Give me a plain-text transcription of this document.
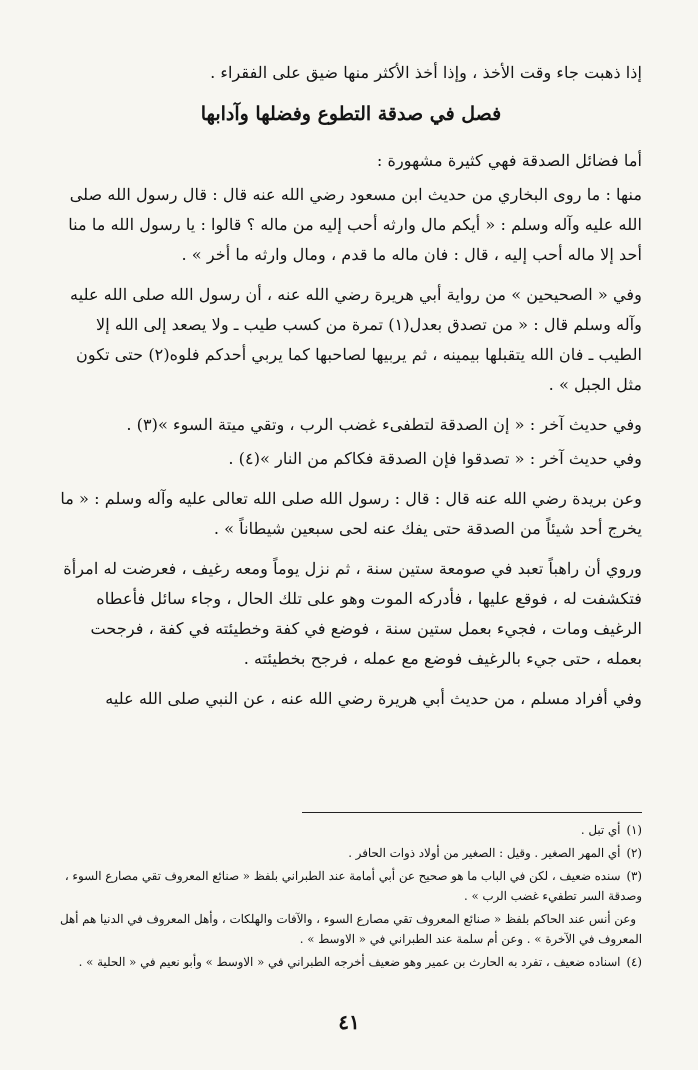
إذا ذهبت جاء وقت الأخذ ، وإذا أخذ الأكثر منها ضيق على الفقراء .

فصل في صدقة التطوع وفضلها وآدابها

أما فضائل الصدقة فهي كثيرة مشهورة :

منها : ما روى البخاري من حديث ابن مسعود رضي الله عنه قال : قال رسول الله صلى الله عليه وآله وسلم : « أيكم مال وارثه أحب إليه من ماله ؟ قالوا : يا رسول الله ما منا أحد إلا ماله أحب إليه ، قال : فان ماله ما قدم ، ومال وارثه ما أخر » .

وفي « الصحيحين » من رواية أبي هريرة رضي الله عنه ، أن رسول الله صلى الله عليه وآله وسلم قال : « من تصدق بعدل(١) تمرة من كسب طيب ـ ولا يصعد إلى الله إلا الطيب ـ فان الله يتقبلها بيمينه ، ثم يربيها لصاحبها كما يربي أحدكم فلوه(٢) حتى تكون مثل الجبل » .

وفي حديث آخر : « إن الصدقة لتطفىء غضب الرب ، وتقي ميتة السوء »(٣) .

وفي حديث آخر : « تصدقوا فإن الصدقة فكاكم من النار »(٤) .

وعن بريدة رضي الله عنه قال : قال : رسول الله صلى الله تعالى عليه وآله وسلم : « ما يخرج أحد شيئاً من الصدقة حتى يفك عنه لحى سبعين شيطاناً » .

وروي أن راهباً تعبد في صومعة ستين سنة ، ثم نزل يوماً ومعه رغيف ، فعرضت له امرأة فتكشفت له ، فوقع عليها ، فأدركه الموت وهو على تلك الحال ، وجاء سائل فأعطاه الرغيف ومات ، فجيء بعمل ستين سنة ، فوضع في كفة وخطيئته في كفة ، فرجحت بعمله ، حتى جيء بالرغيف فوضع مع عمله ، فرجح بخطيئته .

وفي أفراد مسلم ، من حديث أبي هريرة رضي الله عنه ، عن النبي صلى الله عليه

(١)أي تبل .

(٢)أي المهر الصغير . وقيل : الصغير من أولاد ذوات الحافر .

(٣)سنده ضعيف ، لكن في الباب ما هو صحيح عن أبي أمامة عند الطبراني بلفظ « صنائع المعروف تقي مصارع السوء ، وصدقة السر تطفيء غضب الرب » .

وعن أنس عند الحاكم بلفظ « صنائع المعروف تقي مصارع السوء ، والآفات والهلكات ، وأهل المعروف في الدنيا هم أهل المعروف في الآخرة » . وعن أم سلمة عند الطبراني في « الاوسط » .

(٤)اسناده ضعيف ، تفرد به الحارث بن عمير وهو ضعيف أخرجه الطبراني في « الاوسط » وأبو نعيم في « الحلية » .

٤١
